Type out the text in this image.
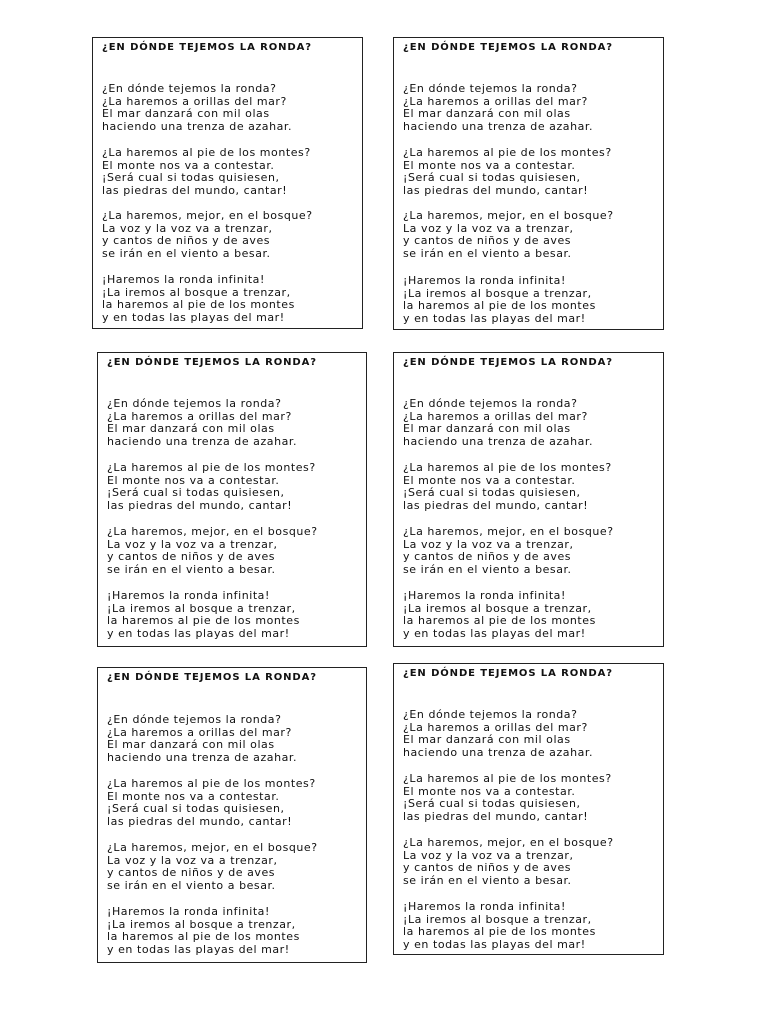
¿EN DÓNDE TEJEMOS LA RONDA?
¿En dónde tejemos la ronda?
¿La haremos a orillas del mar?
El mar danzará con mil olas
haciendo una trenza de azahar.
¿La haremos al pie de los montes?
El monte nos va a contestar.
¡Será cual si todas quisiesen,
las piedras del mundo, cantar!
¿La haremos, mejor, en el bosque?
La voz y la voz va a trenzar,
y cantos de niños y de aves
se irán en el viento a besar.
¡Haremos la ronda infinita!
¡La iremos al bosque a trenzar,
la haremos al pie de los montes
y en todas las playas del mar!
¿EN DÓNDE TEJEMOS LA RONDA?
¿En dónde tejemos la ronda?
¿La haremos a orillas del mar?
El mar danzará con mil olas
haciendo una trenza de azahar.
¿La haremos al pie de los montes?
El monte nos va a contestar.
¡Será cual si todas quisiesen,
las piedras del mundo, cantar!
¿La haremos, mejor, en el bosque?
La voz y la voz va a trenzar,
y cantos de niños y de aves
se irán en el viento a besar.
¡Haremos la ronda infinita!
¡La iremos al bosque a trenzar,
la haremos al pie de los montes
y en todas las playas del mar!
¿EN DÓNDE TEJEMOS LA RONDA?
¿En dónde tejemos la ronda?
¿La haremos a orillas del mar?
El mar danzará con mil olas
haciendo una trenza de azahar.
¿La haremos al pie de los montes?
El monte nos va a contestar.
¡Será cual si todas quisiesen,
las piedras del mundo, cantar!
¿La haremos, mejor, en el bosque?
La voz y la voz va a trenzar,
y cantos de niños y de aves
se irán en el viento a besar.
¡Haremos la ronda infinita!
¡La iremos al bosque a trenzar,
la haremos al pie de los montes
y en todas las playas del mar!
¿EN DÓNDE TEJEMOS LA RONDA?
¿En dónde tejemos la ronda?
¿La haremos a orillas del mar?
El mar danzará con mil olas
haciendo una trenza de azahar.
¿La haremos al pie de los montes?
El monte nos va a contestar.
¡Será cual si todas quisiesen,
las piedras del mundo, cantar!
¿La haremos, mejor, en el bosque?
La voz y la voz va a trenzar,
y cantos de niños y de aves
se irán en el viento a besar.
¡Haremos la ronda infinita!
¡La iremos al bosque a trenzar,
la haremos al pie de los montes
y en todas las playas del mar!
¿EN DÓNDE TEJEMOS LA RONDA?
¿En dónde tejemos la ronda?
¿La haremos a orillas del mar?
El mar danzará con mil olas
haciendo una trenza de azahar.
¿La haremos al pie de los montes?
El monte nos va a contestar.
¡Será cual si todas quisiesen,
las piedras del mundo, cantar!
¿La haremos, mejor, en el bosque?
La voz y la voz va a trenzar,
y cantos de niños y de aves
se irán en el viento a besar.
¡Haremos la ronda infinita!
¡La iremos al bosque a trenzar,
la haremos al pie de los montes
y en todas las playas del mar!
¿EN DÓNDE TEJEMOS LA RONDA?
¿En dónde tejemos la ronda?
¿La haremos a orillas del mar?
El mar danzará con mil olas
haciendo una trenza de azahar.
¿La haremos al pie de los montes?
El monte nos va a contestar.
¡Será cual si todas quisiesen,
las piedras del mundo, cantar!
¿La haremos, mejor, en el bosque?
La voz y la voz va a trenzar,
y cantos de niños y de aves
se irán en el viento a besar.
¡Haremos la ronda infinita!
¡La iremos al bosque a trenzar,
la haremos al pie de los montes
y en todas las playas del mar!
